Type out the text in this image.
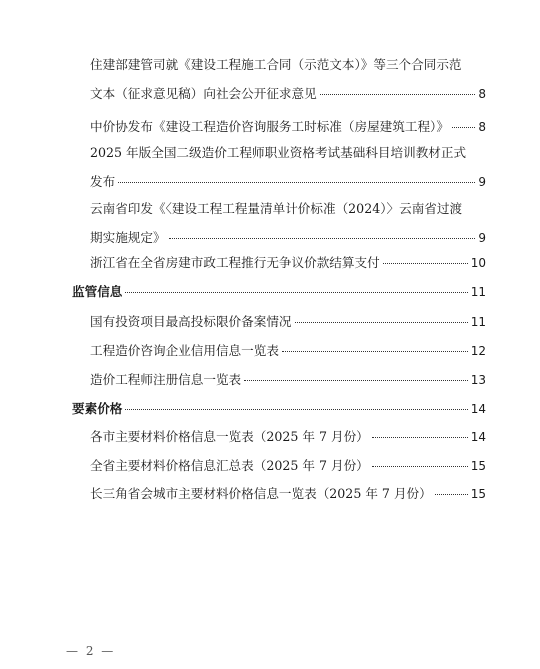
住建部建管司就《建设工程施工合同（示范文本）》等三个合同示范
文本（征求意见稿）向社会公开征求意见	8
中价协发布《建设工程造价咨询服务工时标准（房屋建筑工程）》 8
2025 年版全国二级造价工程师职业资格考试基础科目培训教材正式
发布	9
云南省印发《〈建设工程工程量清单计价标准（2024）〉云南省过渡
期实施规定》	9
浙江省在全省房建市政工程推行无争议价款结算支付	10
监管信息	11
国有投资项目最高投标限价备案情况	11
工程造价咨询企业信用信息一览表	12
造价工程师注册信息一览表	13
要素价格	14
各市主要材料价格信息一览表（2025 年 7 月份）	14
全省主要材料价格信息汇总表（2025 年 7 月份）	15
长三角省会城市主要材料价格信息一览表（2025 年 7 月份）	15
— 2 —
